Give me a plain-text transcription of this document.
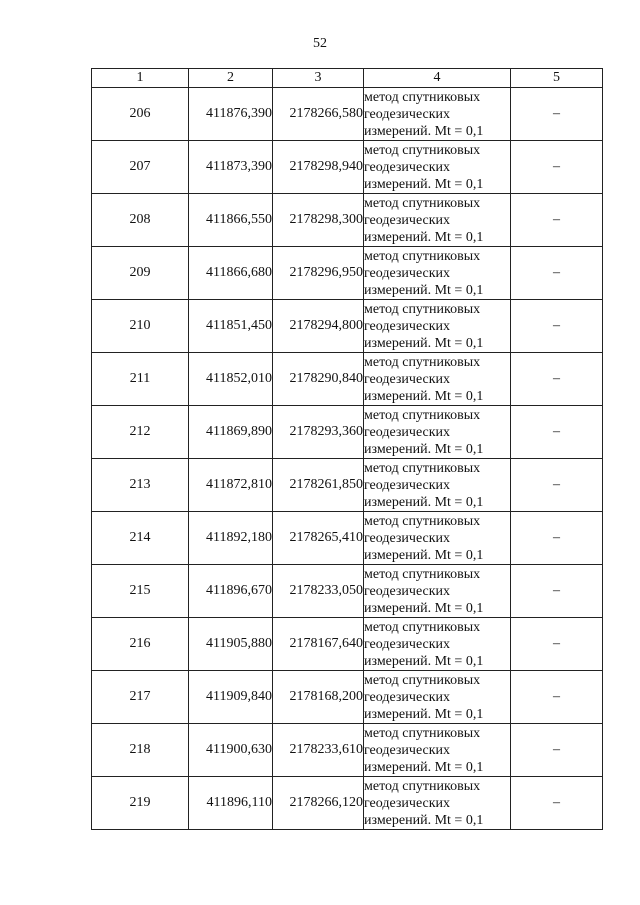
52
1	2	3	4	5
206	411876,390	2178266,580	метод спутниковых
геодезических
измерений. Mt = 0,1	–
207	411873,390	2178298,940	метод спутниковых
геодезических
измерений. Mt = 0,1	–
208	411866,550	2178298,300	метод спутниковых
геодезических
измерений. Mt = 0,1	–
209	411866,680	2178296,950	метод спутниковых
геодезических
измерений. Mt = 0,1	–
210	411851,450	2178294,800	метод спутниковых
геодезических
измерений. Mt = 0,1	–
211	411852,010	2178290,840	метод спутниковых
геодезических
измерений. Mt = 0,1	–
212	411869,890	2178293,360	метод спутниковых
геодезических
измерений. Mt = 0,1	–
213	411872,810	2178261,850	метод спутниковых
геодезических
измерений. Mt = 0,1	–
214	411892,180	2178265,410	метод спутниковых
геодезических
измерений. Mt = 0,1	–
215	411896,670	2178233,050	метод спутниковых
геодезических
измерений. Mt = 0,1	–
216	411905,880	2178167,640	метод спутниковых
геодезических
измерений. Mt = 0,1	–
217	411909,840	2178168,200	метод спутниковых
геодезических
измерений. Mt = 0,1	–
218	411900,630	2178233,610	метод спутниковых
геодезических
измерений. Mt = 0,1	–
219	411896,110	2178266,120	метод спутниковых
геодезических
измерений. Mt = 0,1	–
